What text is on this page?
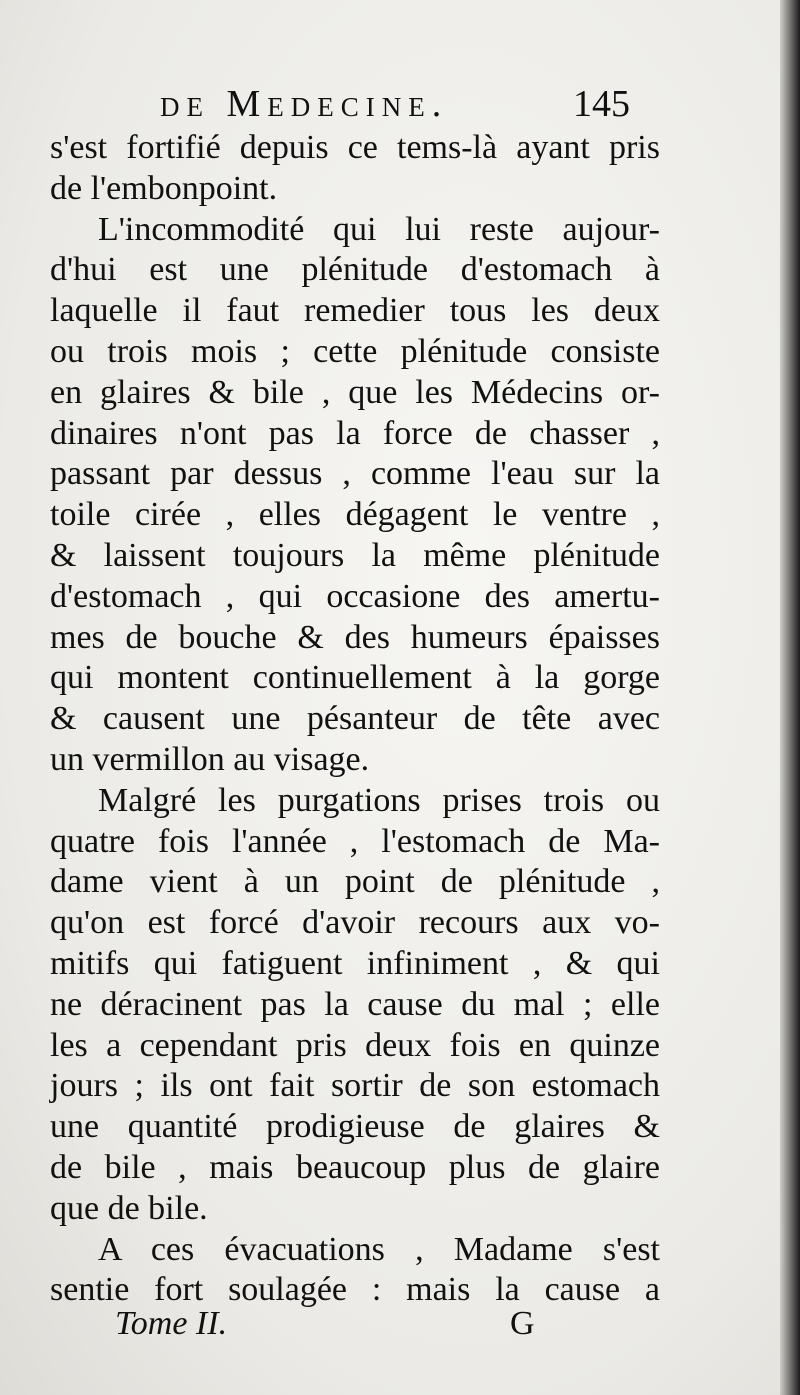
de Medecine.	145
s'est fortifié depuis ce tems-là ayant pris
de l'embonpoint.
L'incommodité qui lui reste aujour-
d'hui est une plénitude d'estomach à
laquelle il faut remedier tous les deux
ou trois mois ; cette plénitude consiste
en glaires & bile , que les Médecins or-
dinaires n'ont pas la force de chasser ,
passant par dessus , comme l'eau sur la
toile cirée , elles dégagent le ventre ,
& laissent toujours la même plénitude
d'estomach , qui occasione des amertu-
mes de bouche & des humeurs épaisses
qui montent continuellement à la gorge
& causent une pésanteur de tête avec
un vermillon au visage.
Malgré les purgations prises trois ou
quatre fois l'année , l'estomach de Ma-
dame vient à un point de plénitude ,
qu'on est forcé d'avoir recours aux vo-
mitifs qui fatiguent infiniment , & qui
ne déracinent pas la cause du mal ; elle
les a cependant pris deux fois en quinze
jours ; ils ont fait sortir de son estomach
une quantité prodigieuse de glaires &
de bile , mais beaucoup plus de glaire
que de bile.
A ces évacuations , Madame s'est
sentie fort soulagée : mais la cause a
Tome II.	G
